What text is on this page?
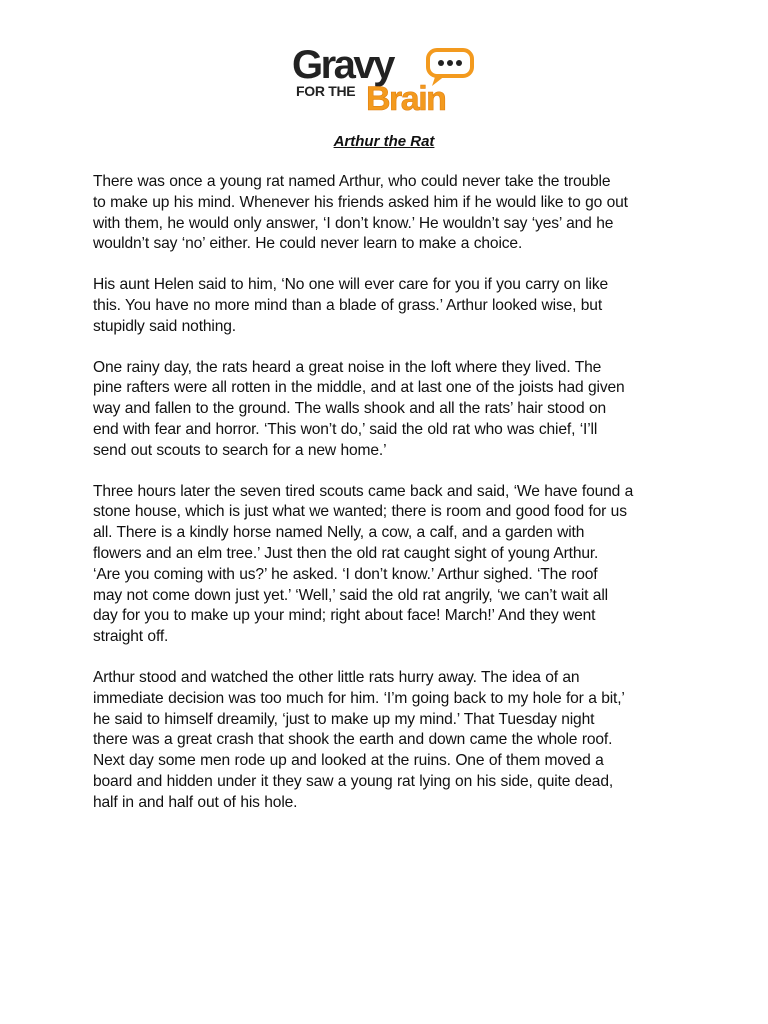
Gravy
FOR THE Brain
Arthur the Rat

There was once a young rat named Arthur, who could never take the trouble
to make up his mind. Whenever his friends asked him if he would like to go out
with them, he would only answer, ‘I don’t know.’ He wouldn’t say ‘yes’ and he
wouldn’t say ‘no’ either. He could never learn to make a choice.

His aunt Helen said to him, ‘No one will ever care for you if you carry on like
this. You have no more mind than a blade of grass.’ Arthur looked wise, but
stupidly said nothing.

One rainy day, the rats heard a great noise in the loft where they lived. The
pine rafters were all rotten in the middle, and at last one of the joists had given
way and fallen to the ground. The walls shook and all the rats’ hair stood on
end with fear and horror. ‘This won’t do,’ said the old rat who was chief, ‘I’ll
send out scouts to search for a new home.’

Three hours later the seven tired scouts came back and said, ‘We have found a
stone house, which is just what we wanted; there is room and good food for us
all. There is a kindly horse named Nelly, a cow, a calf, and a garden with
flowers and an elm tree.’ Just then the old rat caught sight of young Arthur.
‘Are you coming with us?’ he asked. ‘I don’t know.’ Arthur sighed. ‘The roof
may not come down just yet.’ ‘Well,’ said the old rat angrily, ‘we can’t wait all
day for you to make up your mind; right about face! March!’ And they went
straight off.

Arthur stood and watched the other little rats hurry away. The idea of an
immediate decision was too much for him. ‘I’m going back to my hole for a bit,’
he said to himself dreamily, ‘just to make up my mind.’ That Tuesday night
there was a great crash that shook the earth and down came the whole roof.
Next day some men rode up and looked at the ruins. One of them moved a
board and hidden under it they saw a young rat lying on his side, quite dead,
half in and half out of his hole.
